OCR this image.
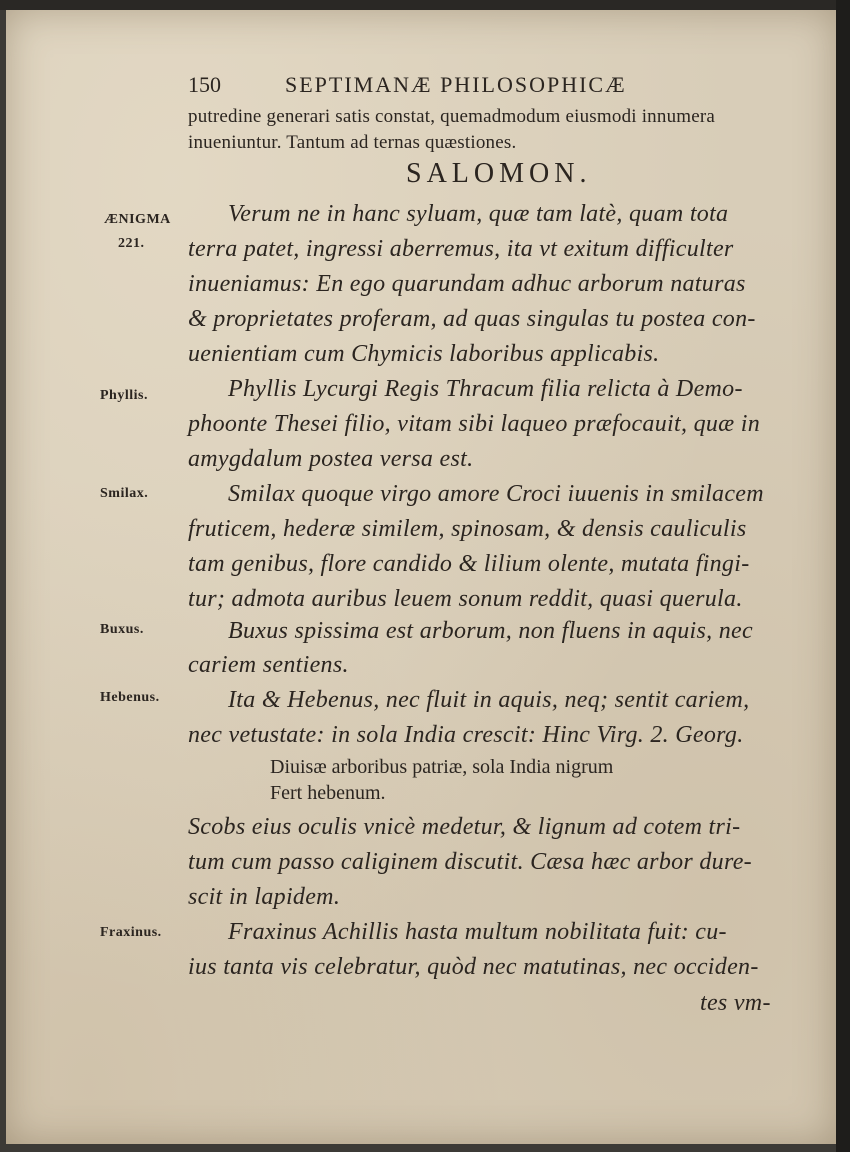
150	SEPTIMANÆ PHILOSOPHICÆ
putredine generari satis constat, quemadmodum eiusmodi innumera
inueniuntur. Tantum ad ternas quæstiones.
SALOMON.
ÆNIGMA
221.
Phyllis.
Smilax.
Buxus.
Hebenus.
Fraxinus.
Verum ne in hanc syluam, quæ tam latè, quam tota
terra patet, ingressi aberremus, ita vt exitum difficulter
inueniamus: En ego quarundam adhuc arborum naturas
& proprietates proferam, ad quas singulas tu postea con-
uenientiam cum Chymicis laboribus applicabis.
Phyllis Lycurgi Regis Thracum filia relicta à Demo-
phoonte Thesei filio, vitam sibi laqueo præfocauit, quæ in
amygdalum postea versa est.
Smilax quoque virgo amore Croci iuuenis in smilacem
fruticem, hederæ similem, spinosam, & densis cauliculis
tam genibus, flore candido & lilium olente, mutata fingi-
tur; admota auribus leuem sonum reddit, quasi querula.
Buxus spissima est arborum, non fluens in aquis, nec
cariem sentiens.
Ita & Hebenus, nec fluit in aquis, neq; sentit cariem,
nec vetustate: in sola India crescit: Hinc Virg. 2. Georg.
Diuisæ arboribus patriæ, sola India nigrum
Fert hebenum.
Scobs eius oculis vnicè medetur, & lignum ad cotem tri-
tum cum passo caliginem discutit. Cæsa hæc arbor dure-
scit in lapidem.
Fraxinus Achillis hasta multum nobilitata fuit: cu-
ius tanta vis celebratur, quòd nec matutinas, nec occiden-
tes vm-
